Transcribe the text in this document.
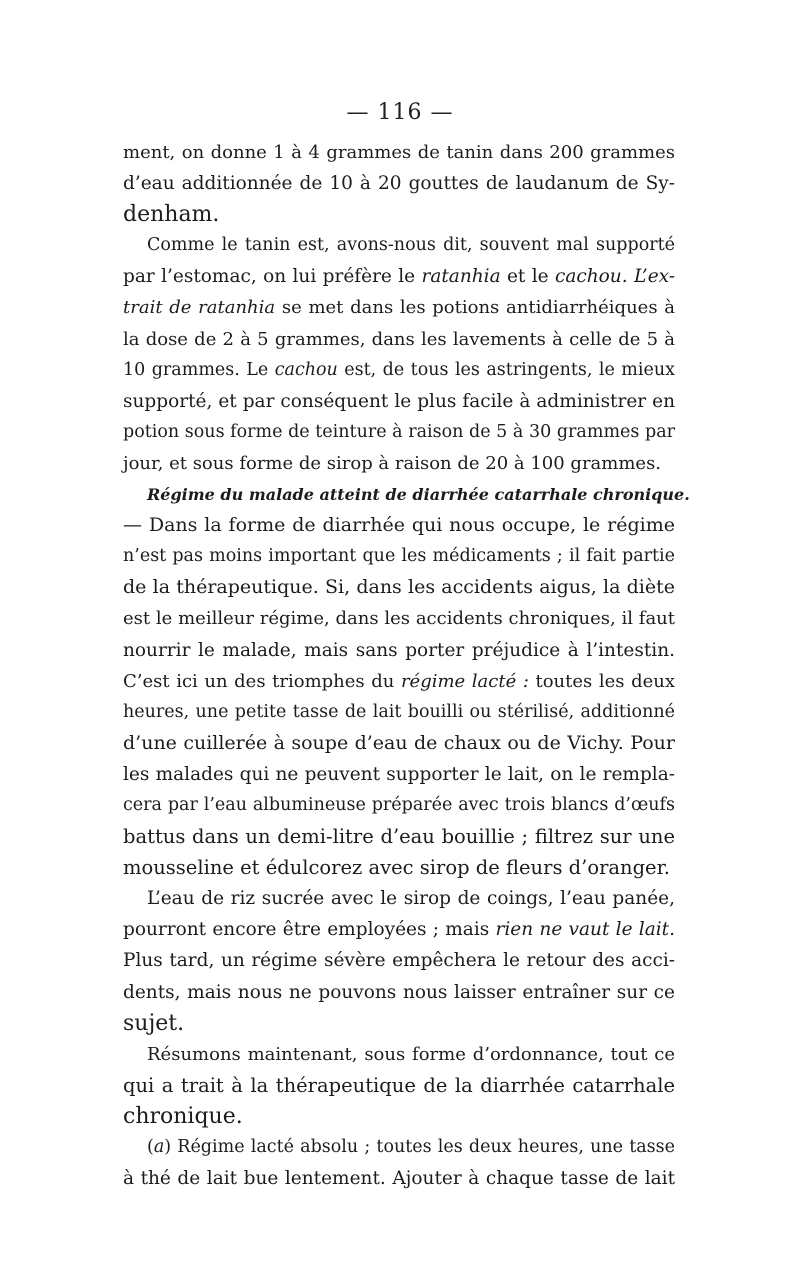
— 116 —
ment, on donne 1 à 4 grammes de tanin dans 200 grammes
d’eau additionnée de 10 à 20 gouttes de laudanum de Sy-
denham.
Comme le tanin est, avons-nous dit, souvent mal supporté
par l’estomac, on lui préfère le ratanhia et le cachou. L’ex-
trait de ratanhia se met dans les potions antidiarrhéiques à
la dose de 2 à 5 grammes, dans les lavements à celle de 5 à
10 grammes. Le cachou est, de tous les astringents, le mieux
supporté, et par conséquent le plus facile à administrer en
potion sous forme de teinture à raison de 5 à 30 grammes par
jour, et sous forme de sirop à raison de 20 à 100 grammes.
Régime du malade atteint de diarrhée catarrhale chronique.
— Dans la forme de diarrhée qui nous occupe, le régime
n’est pas moins important que les médicaments ; il fait partie
de la thérapeutique. Si, dans les accidents aigus, la diète
est le meilleur régime, dans les accidents chroniques, il faut
nourrir le malade, mais sans porter préjudice à l’intestin.
C’est ici un des triomphes du régime lacté : toutes les deux
heures, une petite tasse de lait bouilli ou stérilisé, additionné
d’une cuillerée à soupe d’eau de chaux ou de Vichy. Pour
les malades qui ne peuvent supporter le lait, on le rempla-
cera par l’eau albumineuse préparée avec trois blancs d’œufs
battus dans un demi-litre d’eau bouillie ; filtrez sur une
mousseline et édulcorez avec sirop de fleurs d’oranger.
L’eau de riz sucrée avec le sirop de coings, l’eau panée,
pourront encore être employées ; mais rien ne vaut le lait.
Plus tard, un régime sévère empêchera le retour des acci-
dents, mais nous ne pouvons nous laisser entraîner sur ce
sujet.
Résumons maintenant, sous forme d’ordonnance, tout ce
qui a trait à la thérapeutique de la diarrhée catarrhale
chronique.
(a) Régime lacté absolu ; toutes les deux heures, une tasse
à thé de lait bue lentement. Ajouter à chaque tasse de lait
